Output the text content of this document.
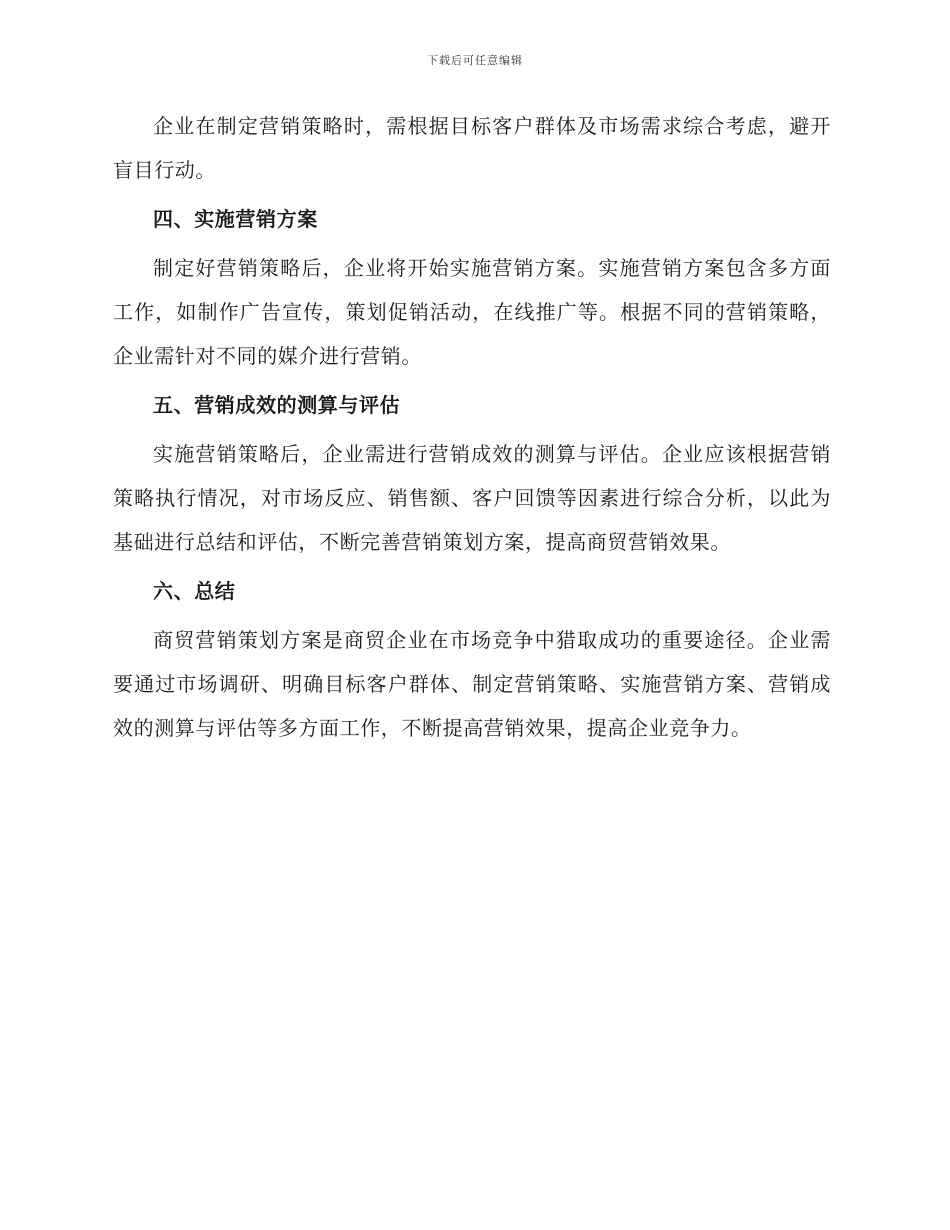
下载后可任意编辑

企业在制定营销策略时，需根据目标客户群体及市场需求综合考虑，避开盲目行动。

四、实施营销方案

制定好营销策略后，企业将开始实施营销方案。实施营销方案包含多方面工作，如制作广告宣传，策划促销活动，在线推广等。根据不同的营销策略，企业需针对不同的媒介进行营销。

五、营销成效的测算与评估

实施营销策略后，企业需进行营销成效的测算与评估。企业应该根据营销策略执行情况，对市场反应、销售额、客户回馈等因素进行综合分析，以此为基础进行总结和评估，不断完善营销策划方案，提高商贸营销效果。

六、总结

商贸营销策划方案是商贸企业在市场竞争中猎取成功的重要途径。企业需要通过市场调研、明确目标客户群体、制定营销策略、实施营销方案、营销成效的测算与评估等多方面工作，不断提高营销效果，提高企业竞争力。
